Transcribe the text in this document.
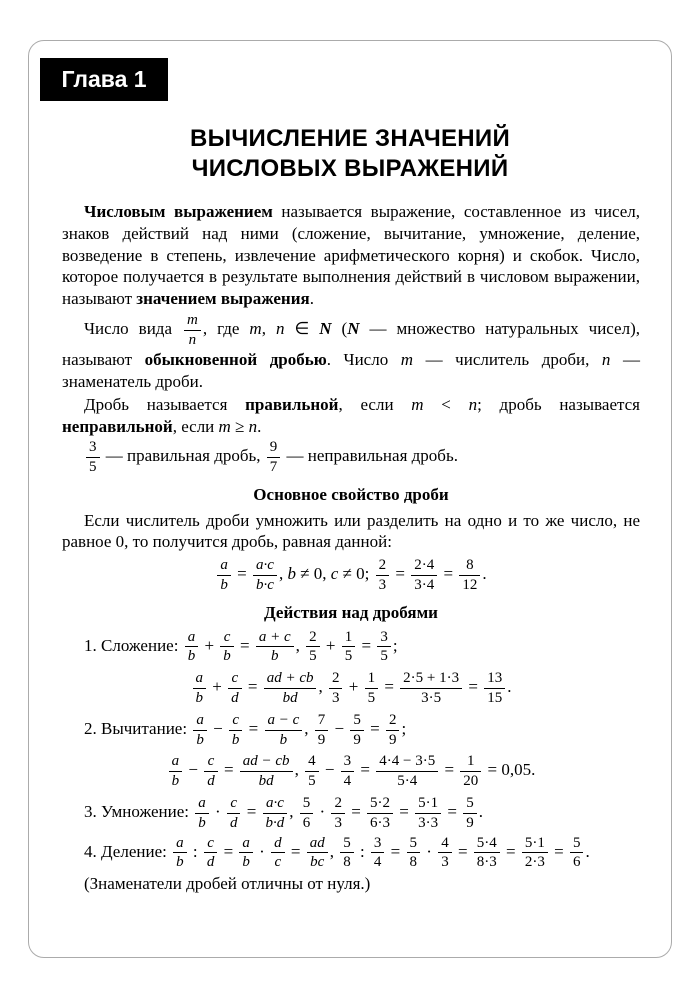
Глава 1
ВЫЧИСЛЕНИЕ ЗНАЧЕНИЙ
ЧИСЛОВЫХ ВЫРАЖЕНИЙ
Числовым выражением называется выражение, составленное из чисел, знаков действий над ними (сложение, вычитание, умножение, деление, возведение в степень, извлечение арифметического корня) и скобок. Число, которое получается в результате выполнения действий в числовом выражении, называют значением выражения.
Число вида $\frac{m}{n}$ , где m, n ∈ N (N — множество натуральных чисел), называют обыкновенной дробью. Число m — числитель дроби, n — знаменатель дроби.
Дробь называется правильной, если m < n; дробь называется неправильной, если m ≥ n.
$\frac{3}{5}$ — правильная дробь, $\frac{9}{7}$ — неправильная дробь.
Основное свойство дроби
Если числитель дроби умножить или разделить на одно и то же число, не равное 0, то получится дробь, равная данной:
$\frac{a}{b} = \frac{a\cdot c}{b\cdot c}$ , b ≠ 0, c ≠ 0; $\frac{2}{3} = \frac{2\cdot 4}{3\cdot 4} = \frac{8}{12}$ .
Действия над дробями
1. Сложение: $\frac{a}{b} + \frac{c}{b} = \frac{a + c}{b}$ , $\frac{2}{5} + \frac{1}{5} = \frac{3}{5}$ ;
$\frac{a}{b} + \frac{c}{d} = \frac{ad + cb}{bd}$ , $\frac{2}{3} + \frac{1}{5} = \frac{2\cdot 5 + 1\cdot 3}{3\cdot 5} = \frac{13}{15}$ .
2. Вычитание: $\frac{a}{b} - \frac{c}{b} = \frac{a - c}{b}$ , $\frac{7}{9} - \frac{5}{9} = \frac{2}{9}$ ;
$\frac{a}{b} - \frac{c}{d} = \frac{ad - cb}{bd}$ , $\frac{4}{5} - \frac{3}{4} = \frac{4\cdot 4 - 3\cdot 5}{5\cdot 4} = \frac{1}{20} = 0,05$.
3. Умножение: $\frac{a}{b} \cdot \frac{c}{d} = \frac{a\cdot c}{b\cdot d}$ , $\frac{5}{6} \cdot \frac{2}{3} = \frac{5\cdot 2}{6\cdot 3} = \frac{5\cdot 1}{3\cdot 3} = \frac{5}{9}$ .
4. Деление: $\frac{a}{b}$ : $\frac{c}{d} = \frac{a}{b} \cdot \frac{d}{c} = \frac{ad}{bc}$ , $\frac{5}{8}$ : $\frac{3}{4} = \frac{5}{8} \cdot \frac{4}{3} = \frac{5\cdot 4}{8\cdot 3} = \frac{5\cdot 1}{2\cdot 3} = \frac{5}{6}$ .
(Знаменатели дробей отличны от нуля.)
